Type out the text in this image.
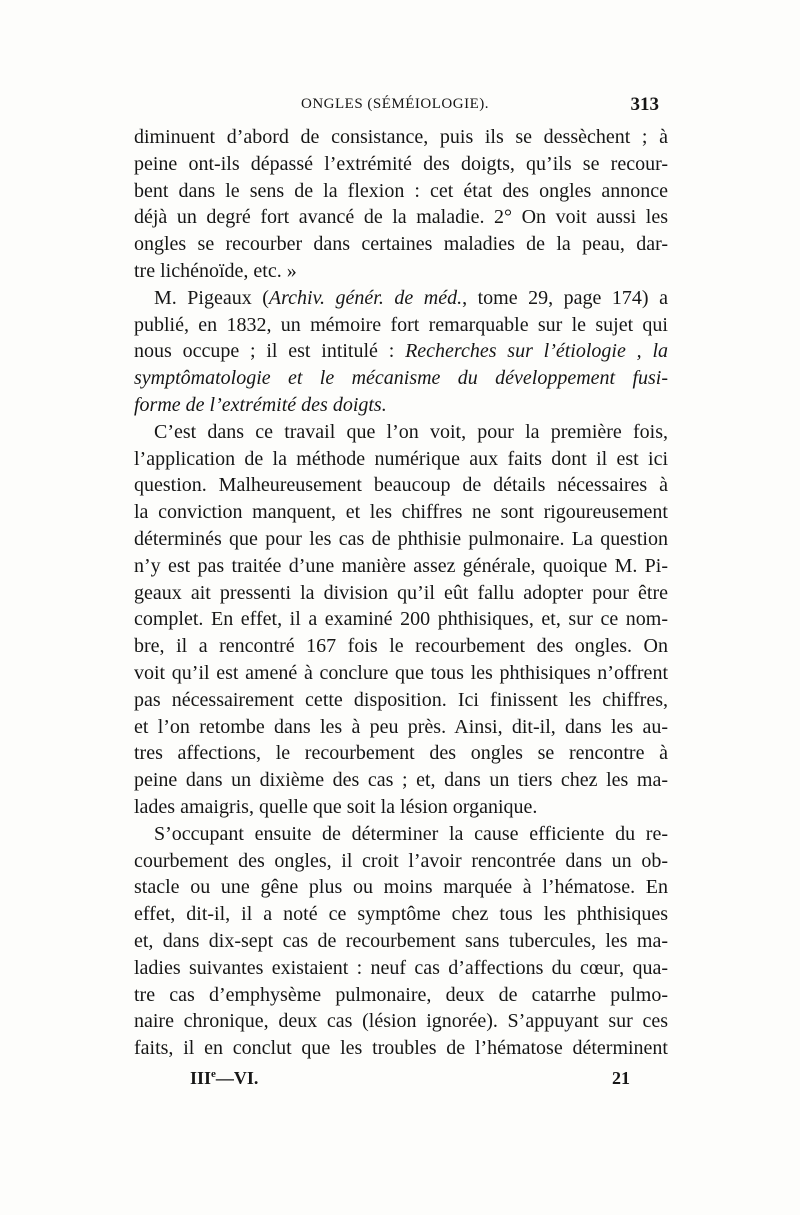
ONGLES (SÉMÉIOLOGIE).	313
diminuent d’abord de consistance, puis ils se dessèchent ; à
peine ont-ils dépassé l’extrémité des doigts, qu’ils se recour-
bent dans le sens de la flexion : cet état des ongles annonce
déjà un degré fort avancé de la maladie. 2° On voit aussi les
ongles se recourber dans certaines maladies de la peau, dar-
tre lichénoïde, etc. »
M. Pigeaux (Archiv. génér. de méd., tome 29, page 174) a
publié, en 1832, un mémoire fort remarquable sur le sujet qui
nous occupe ; il est intitulé : Recherches sur l’étiologie , la
symptômatologie et le mécanisme du développement fusi-
forme de l’extrémité des doigts.
C’est dans ce travail que l’on voit, pour la première fois,
l’application de la méthode numérique aux faits dont il est ici
question. Malheureusement beaucoup de détails nécessaires à
la conviction manquent, et les chiffres ne sont rigoureusement
déterminés que pour les cas de phthisie pulmonaire. La question
n’y est pas traitée d’une manière assez générale, quoique M. Pi-
geaux ait pressenti la division qu’il eût fallu adopter pour être
complet. En effet, il a examiné 200 phthisiques, et, sur ce nom-
bre, il a rencontré 167 fois le recourbement des ongles. On
voit qu’il est amené à conclure que tous les phthisiques n’offrent
pas nécessairement cette disposition. Ici finissent les chiffres,
et l’on retombe dans les à peu près. Ainsi, dit-il, dans les au-
tres affections, le recourbement des ongles se rencontre à
peine dans un dixième des cas ; et, dans un tiers chez les ma-
lades amaigris, quelle que soit la lésion organique.
S’occupant ensuite de déterminer la cause efficiente du re-
courbement des ongles, il croit l’avoir rencontrée dans un ob-
stacle ou une gêne plus ou moins marquée à l’hématose. En
effet, dit-il, il a noté ce symptôme chez tous les phthisiques
et, dans dix-sept cas de recourbement sans tubercules, les ma-
ladies suivantes existaient : neuf cas d’affections du cœur, qua-
tre cas d’emphysème pulmonaire, deux de catarrhe pulmo-
naire chronique, deux cas (lésion ignorée). S’appuyant sur ces
faits, il en conclut que les troubles de l’hématose déterminent
IIIe—VI.	21
